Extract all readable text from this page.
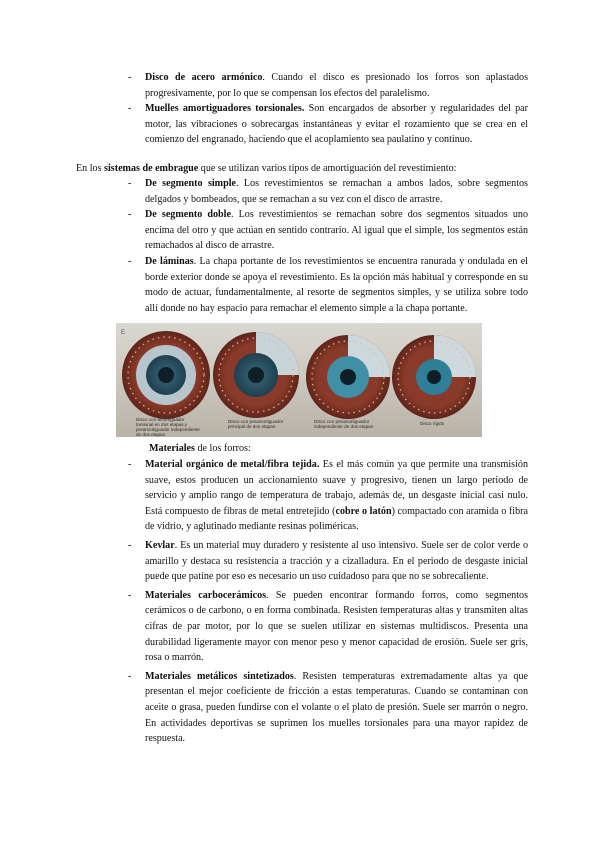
- Disco de acero armónico. Cuando el disco es presionado los forros son aplastados progresivamente, por lo que se compensan los efectos del paralelismo.
- Muelles amortiguadores torsionales. Son encargados de absorber y regularidades del par motor, las vibraciones o sobrecargas instantáneas y evitar el rozamiento que se crea en el comienzo del engranado, haciendo que el acoplamiento sea paulatino y continuo.

En los sistemas de embrague que se utilizan varios tipos de amortiguación del revestimiento:

- De segmento simple. Los revestimientos se remachan a ambos lados, sobre segmentos delgados y bombeados, que se remachan a su vez con el disco de arrastre.
- De segmento doble. Los revestimientos se remachan sobre dos segmentos situados uno encima del otro y que actúan en sentido contrario. Al igual que el simple, los segmentos están remachados al disco de arrastre.
- De láminas. La chapa portante de los revestimientos se encuentra ranurada y ondulada en el borde exterior donde se apoya el revestimiento. Es la opción más habitual y corresponde en su modo de actuar, fundamentalmente, al resorte de segmentos simples, y se utiliza sobre todo allí donde no hay espacio para remachar el elemento simple a la chapa portante.
E
Disco con amortiguador torsional en dos etapas y preamortiguador independiente de dos etapas
Disco con preamortiguador principal de dos etapas
Disco con preamortiguador independiente de dos etapas
Disco rígido

Materiales de los forros:

- Material orgánico de metal/fibra tejida. Es el más común ya que permite una transmisión suave, estos producen un accionamiento suave y progresivo, tienen un largo periodo de servicio y amplio rango de temperatura de trabajo, además de, un desgaste inicial casi nulo. Está compuesto de fibras de metal entretejido (cobre o latón) compactado con aramida o fibra de vidrio, y aglutinado mediante resinas poliméricas.
- Kevlar. Es un material muy duradero y resistente al uso intensivo. Suele ser de color verde o amarillo y destaca su resistencia a tracción y a cizalladura. En el periodo de desgaste inicial puede que patine por eso es necesario un uso cuidadoso para que no se sobrecaliente.
- Materiales carbocerámicos. Se pueden encontrar formando forros, como segmentos cerámicos o de carbono, o en forma combinada. Resisten temperaturas altas y transmiten altas cifras de par motor, por lo que se suelen utilizar en sistemas multidiscos. Presenta una durabilidad ligeramente mayor con menor peso y menor capacidad de erosión. Suele ser gris, rosa o marrón.
- Materiales metálicos sintetizados. Resisten temperaturas extremadamente altas ya que presentan el mejor coeficiente de fricción a estas temperaturas. Cuando se contaminan con aceite o grasa, pueden fundirse con el volante o el plato de presión. Suele ser marrón o negro. En actividades deportivas se suprimen los muelles torsionales para una mayor rapidez de respuesta.
